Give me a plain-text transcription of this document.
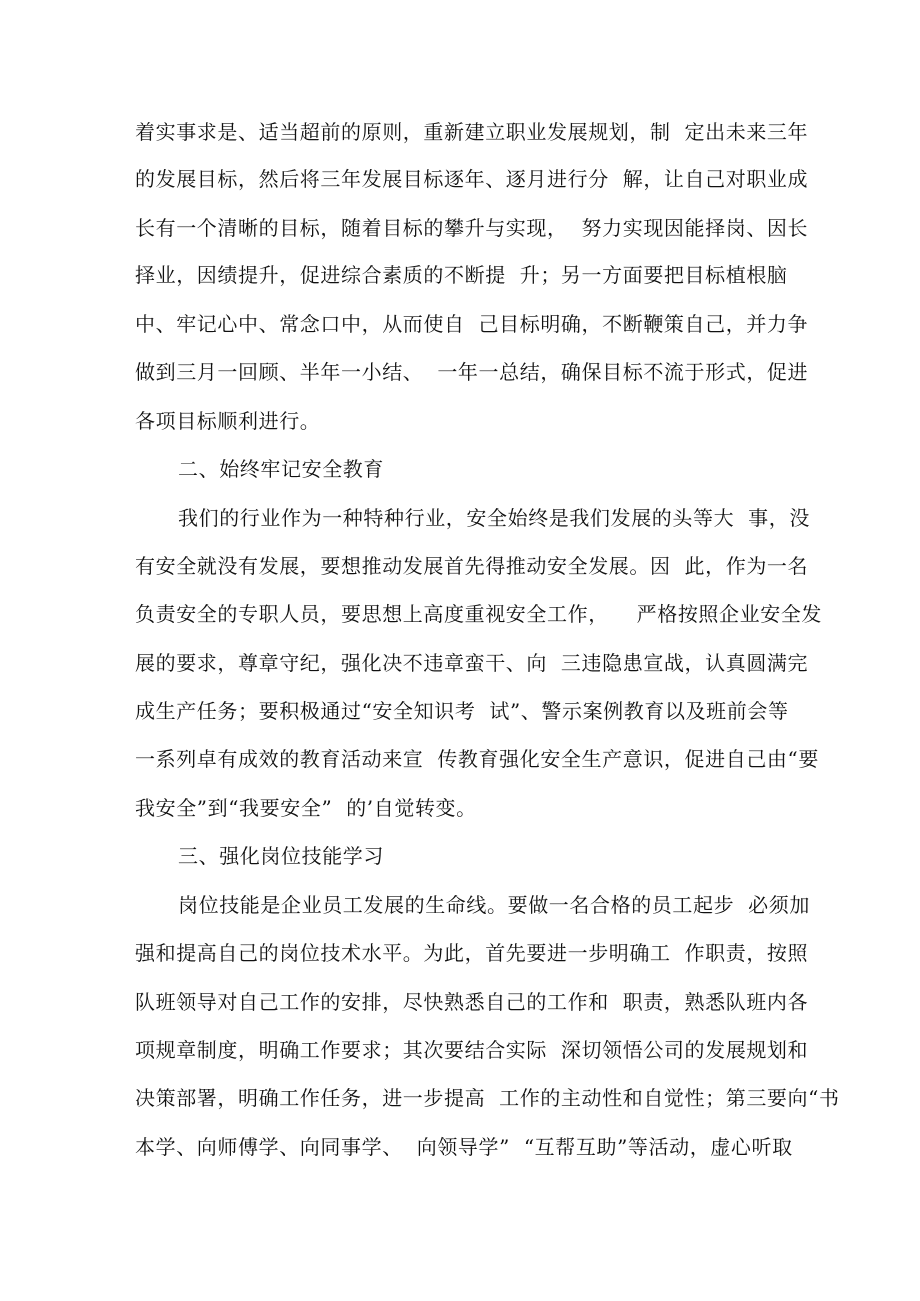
着实事求是、适当超前的原则，重新建立职业发展规划，制  定出未来三年
的发展目标，然后将三年发展目标逐年、逐月进行分  解，让自己对职业成
长有一个清晰的目标，随着目标的攀升与实现，  努力实现因能择岗、因长
择业，因绩提升，促进综合素质的不断提  升；另一方面要把目标植根脑
中、牢记心中、常念口中，从而使自  己目标明确，不断鞭策自己，并力争
做到三月一回顾、半年一小结、  一年一总结，确保目标不流于形式，促进
各项目标顺利进行。
二、始终牢记安全教育
我们的行业作为一种特种行业，安全始终是我们发展的头等大  事，没
有安全就没有发展，要想推动发展首先得推动安全发展。因  此，作为一名
负责安全的专职人员，要思想上高度重视安全工作，    严格按照企业安全发
展的要求，尊章守纪，强化决不违章蛮干、向  三违隐患宣战，认真圆满完
成生产任务；要积极通过“安全知识考  试”、警示案例教育以及班前会等
一系列卓有成效的教育活动来宣  传教育强化安全生产意识，促进自己由“要
我安全”到“我要安全”  的’自觉转变。
三、强化岗位技能学习
岗位技能是企业员工发展的生命线。要做一名合格的员工起步  必须加
强和提高自己的岗位技术水平。为此，首先要进一步明确工  作职责，按照
队班领导对自己工作的安排，尽快熟悉自己的工作和  职责，熟悉队班内各
项规章制度，明确工作要求；其次要结合实际  深切领悟公司的发展规划和
决策部署，明确工作任务，进一步提高  工作的主动性和自觉性；第三要向“书
本学、向师傅学、向同事学、  向领导学”  “互帮互助”等活动，虚心听取
